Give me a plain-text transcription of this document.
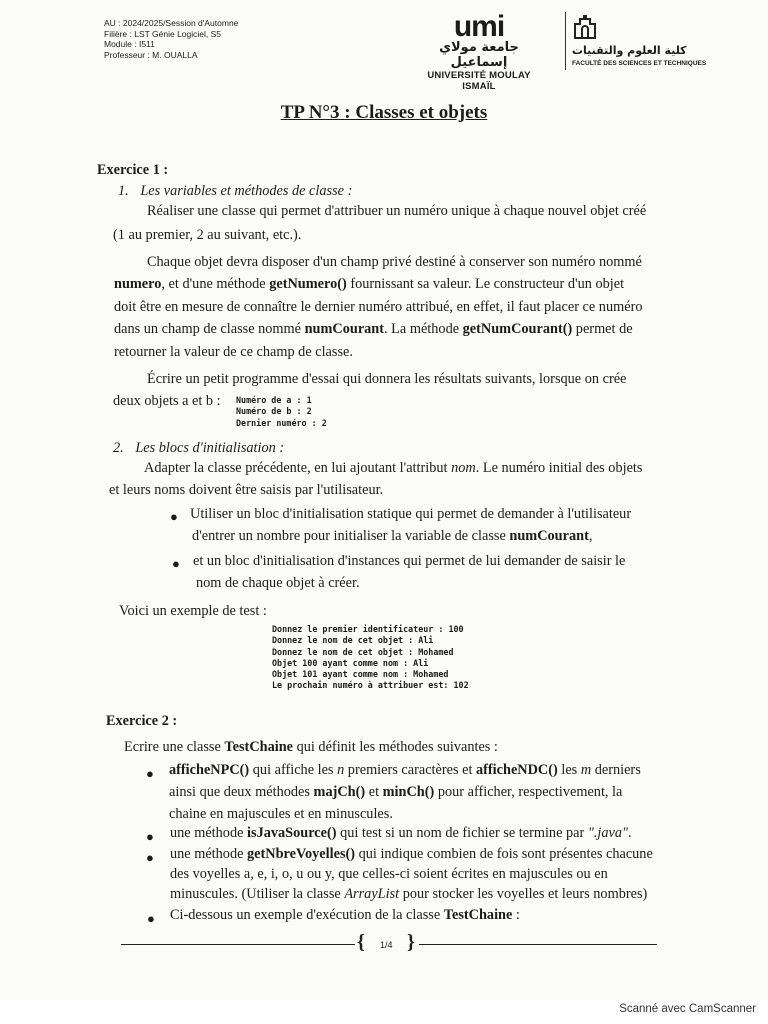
AU : 2024/2025/Session d'Automne
Filière : LST Génie Logiciel, S5
Module : I511
Professeur : M. OUALLA
umi
جامعة مولاي إسماعيل
UNIVERSITÉ MOULAY ISMAÏL
كلية العلوم والتقنيات
FACULTÉ DES SCIENCES ET TECHNIQUES
TP N°3 : Classes et objets
Exercice 1 :
1. Les variables et méthodes de classe :
Réaliser une classe qui permet d'attribuer un numéro unique à chaque nouvel objet créé
(1 au premier, 2 au suivant, etc.).
Chaque objet devra disposer d'un champ privé destiné à conserver son numéro nommé
numero, et d'une méthode getNumero() fournissant sa valeur. Le constructeur d'un objet
doit être en mesure de connaître le dernier numéro attribué, en effet, il faut placer ce numéro
dans un champ de classe nommé numCourant. La méthode getNumCourant() permet de
retourner la valeur de ce champ de classe.
Écrire un petit programme d'essai qui donnera les résultats suivants, lorsque on crée
deux objets a et b : Numéro de a : 1
Numéro de b : 2
Dernier numéro : 2
2. Les blocs d'initialisation :
Adapter la classe précédente, en lui ajoutant l'attribut nom. Le numéro initial des objets
et leurs noms doivent être saisis par l'utilisateur.
● Utiliser un bloc d'initialisation statique qui permet de demander à l'utilisateur
d'entrer un nombre pour initialiser la variable de classe numCourant,
● et un bloc d'initialisation d'instances qui permet de lui demander de saisir le
nom de chaque objet à créer.
Voici un exemple de test :
Donnez le premier identificateur : 100
Donnez le nom de cet objet : Ali
Donnez le nom de cet objet : Mohamed
Objet 100 ayant comme nom : Ali
Objet 101 ayant comme nom : Mohamed
Le prochain numéro à attribuer est: 102
Exercice 2 :
Ecrire une classe TestChaine qui définit les méthodes suivantes :
● afficheNPC() qui affiche les n premiers caractères et afficheNDC() les m derniers
ainsi que deux méthodes majCh() et minCh() pour afficher, respectivement, la
chaine en majuscules et en minuscules.
● une méthode isJavaSource() qui test si un nom de fichier se termine par ".java".
● une méthode getNbreVoyelles() qui indique combien de fois sont présentes chacune
des voyelles a, e, i, o, u ou y, que celles-ci soient écrites en majuscules ou en
minuscules. (Utiliser la classe ArrayList pour stocker les voyelles et leurs nombres)
● Ci-dessous un exemple d'exécution de la classe TestChaine :
{ 1/4 }
Scanné avec CamScanner
